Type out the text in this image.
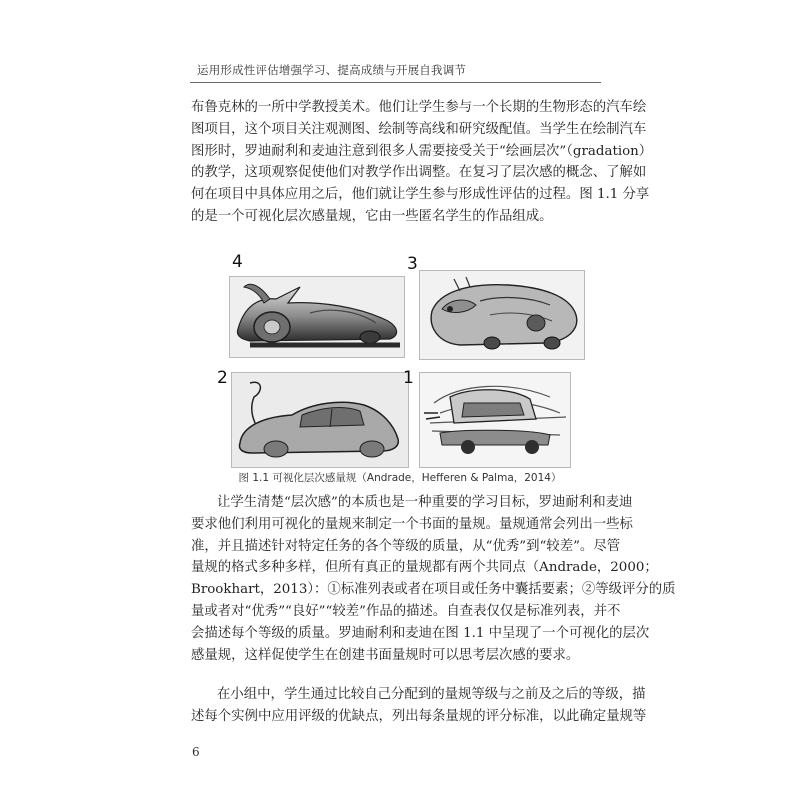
运用形成性评估增强学习、提高成绩与开展自我调节

布鲁克林的一所中学教授美术。他们让学生参与一个长期的生物形态的汽车绘
图项目，这个项目关注观测图、绘制等高线和研究级配值。当学生在绘制汽车
图形时，罗迪耐利和麦迪注意到很多人需要接受关于“绘画层次”（gradation）
的教学，这项观察促使他们对教学作出调整。在复习了层次感的概念、了解如
何在项目中具体应用之后，他们就让学生参与形成性评估的过程。图 1.1 分享
的是一个可视化层次感量规，它由一些匿名学生的作品组成。

4	3
2	1
图 1.1 可视化层次感量规（Andrade，Hefferen & Palma，2014）

让学生清楚“层次感”的本质也是一种重要的学习目标，罗迪耐利和麦迪
要求他们利用可视化的量规来制定一个书面的量规。量规通常会列出一些标
准，并且描述针对特定任务的各个等级的质量，从“优秀”到“较差”。尽管
量规的格式多种多样，但所有真正的量规都有两个共同点（Andrade，2000；
Brookhart，2013）：①标准列表或者在项目或任务中囊括要素；②等级评分的质
量或者对“优秀”“良好”“较差”作品的描述。自查表仅仅是标准列表，并不
会描述每个等级的质量。罗迪耐利和麦迪在图 1.1 中呈现了一个可视化的层次
感量规，这样促使学生在创建书面量规时可以思考层次感的要求。

在小组中，学生通过比较自己分配到的量规等级与之前及之后的等级，描
述每个实例中应用评级的优缺点，列出每条量规的评分标准，以此确定量规等

6
